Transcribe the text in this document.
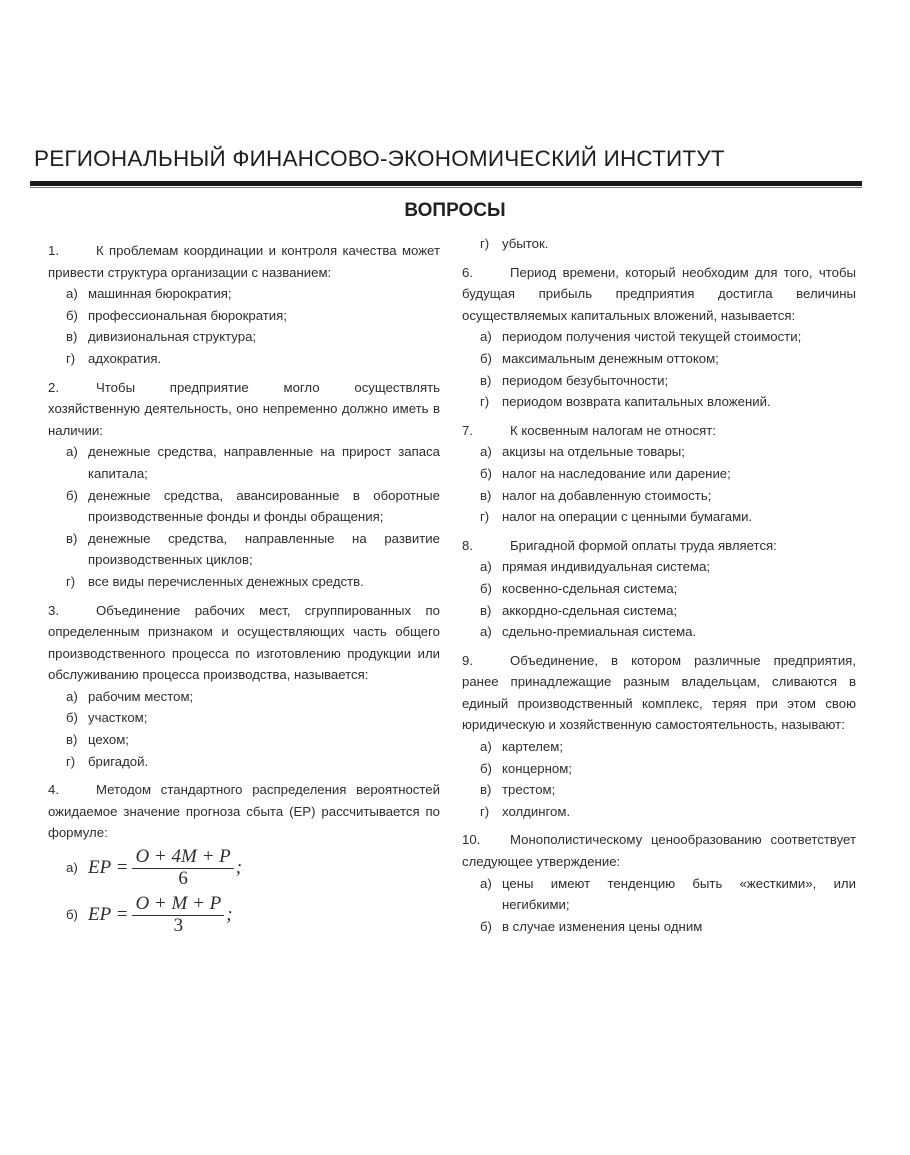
РЕГИОНАЛЬНЫЙ ФИНАНСОВО-ЭКОНОМИЧЕСКИЙ ИНСТИТУТ
ВОПРОСЫ
1.	К проблемам координации и контроля качества может привести структура организации с названием:
а) машинная бюрократия;
б) профессиональная бюрократия;
в) дивизиональная структура;
г) адхократия.
2.	Чтобы предприятие могло осуществлять хозяйственную деятельность, оно непременно должно иметь в наличии:
а) денежные средства, направленные на прирост запаса капитала;
б) денежные средства, авансированные в оборотные производственные фонды и фонды обращения;
в) денежные средства, направленные на развитие производственных циклов;
г) все виды перечисленных денежных средств.
3.	Объединение рабочих мест, сгруппированных по определенным признаком и осуществляющих часть общего производственного процесса по изготовлению продукции или обслуживанию процесса производства, называется:
а) рабочим местом;
б) участком;
в) цехом;
г) бригадой.
4.	Методом стандартного распределения вероятностей ожидаемое значение прогноза сбыта (EP) рассчитывается по формуле:
а) EP = $\frac{O + 4M + P}{6}$ ;
б) EP = $\frac{O + M + P}{3}$ ;
г) убыток.
6.	Период времени, который необходим для того, чтобы будущая прибыль предприятия достигла величины осуществляемых капитальных вложений, называется:
а) периодом получения чистой текущей стоимости;
б) максимальным денежным оттоком;
в) периодом безубыточности;
г) периодом возврата капитальных вложений.
7.	К косвенным налогам не относят:
а) акцизы на отдельные товары;
б) налог на наследование или дарение;
в) налог на добавленную стоимость;
г) налог на операции с ценными бумагами.
8.	Бригадной формой оплаты труда является:
а) прямая индивидуальная система;
б) косвенно-сдельная система;
в) аккордно-сдельная система;
а) сдельно-премиальная система.
9.	Объединение, в котором различные предприятия, ранее принадлежащие разным владельцам, сливаются в единый производственный комплекс, теряя при этом свою юридическую и хозяйственную самостоятельность, называют:
а) картелем;
б) концерном;
в) трестом;
г) холдингом.
10. Монополистическому ценообразованию соответствует следующее утверждение:
а) цены имеют тенденцию быть «жесткими», или негибкими;
б) в случае изменения цены одним
